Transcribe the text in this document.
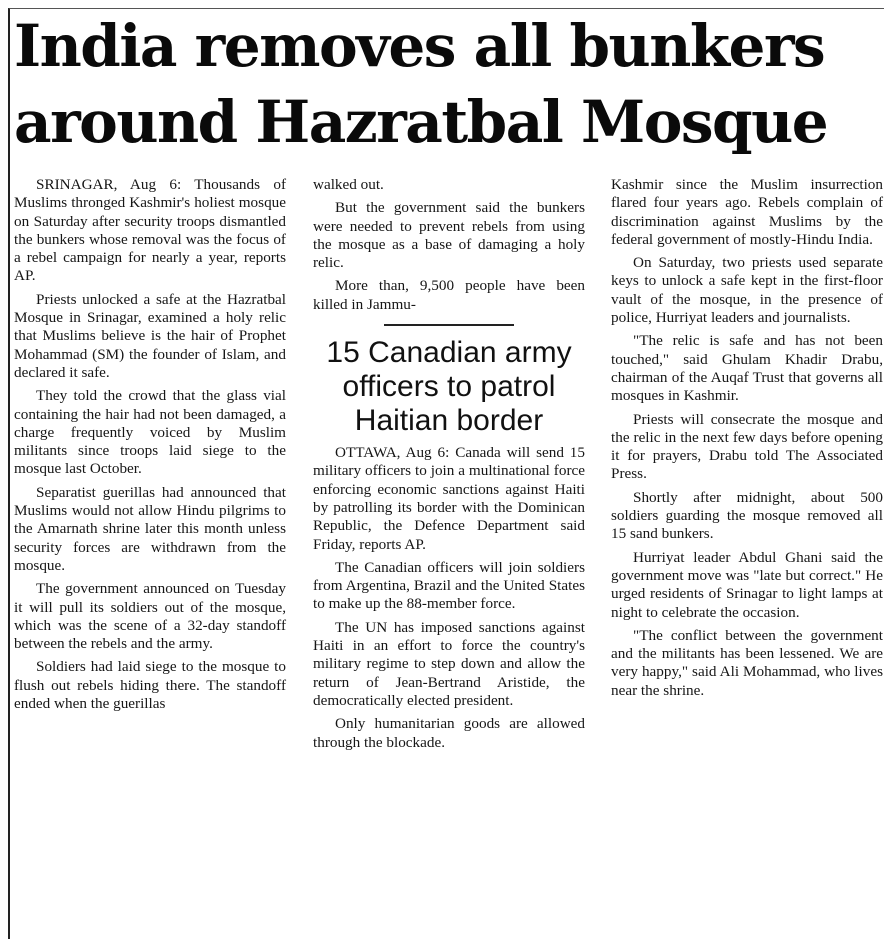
India removes all bunkers
around Hazratbal Mosque

SRINAGAR, Aug 6: Thousands of Muslims thronged Kashmir's holiest mosque on Saturday after security troops dismantled the bunkers whose removal was the focus of a rebel campaign for nearly a year, reports AP.

Priests unlocked a safe at the Hazratbal Mosque in Srinagar, examined a holy relic that Muslims believe is the hair of Prophet Mohammad (SM) the founder of Islam, and declared it safe.

They told the crowd that the glass vial containing the hair had not been damaged, a charge frequently voiced by Muslim militants since troops laid siege to the mosque last October.

Separatist guerillas had announced that Muslims would not allow Hindu pilgrims to the Amarnath shrine later this month unless security forces are withdrawn from the mosque.

The government announced on Tuesday it will pull its soldiers out of the mosque, which was the scene of a 32-day standoff between the rebels and the army.

Soldiers had laid siege to the mosque to flush out rebels hiding there. The standoff ended when the guerillas

walked out.

But the government said the bunkers were needed to prevent rebels from using the mosque as a base of damaging a holy relic.

More than, 9,500 people have been killed in Jammu-

15 Canadian army
officers to patrol
Haitian border

OTTAWA, Aug 6: Canada will send 15 military officers to join a multinational force enforcing economic sanctions against Haiti by patrolling its border with the Dominican Republic, the Defence Department said Friday, reports AP.

The Canadian officers will join soldiers from Argentina, Brazil and the United States to make up the 88-member force.

The UN has imposed sanctions against Haiti in an effort to force the country's military regime to step down and allow the return of Jean-Bertrand Aristide, the democratically elected president.

Only humanitarian goods are allowed through the blockade.

Kashmir since the Muslim insurrection flared four years ago. Rebels complain of discrimination against Muslims by the federal government of mostly-Hindu India.

On Saturday, two priests used separate keys to unlock a safe kept in the first-floor vault of the mosque, in the presence of police, Hurriyat leaders and journalists.

"The relic is safe and has not been touched," said Ghulam Khadir Drabu, chairman of the Auqaf Trust that governs all mosques in Kashmir.

Priests will consecrate the mosque and the relic in the next few days before opening it for prayers, Drabu told The Associated Press.

Shortly after midnight, about 500 soldiers guarding the mosque removed all 15 sand bunkers.

Hurriyat leader Abdul Ghani said the government move was "late but correct." He urged residents of Srinagar to light lamps at night to celebrate the occasion.

"The conflict between the government and the militants has been lessened. We are very happy," said Ali Mohammad, who lives near the shrine.
